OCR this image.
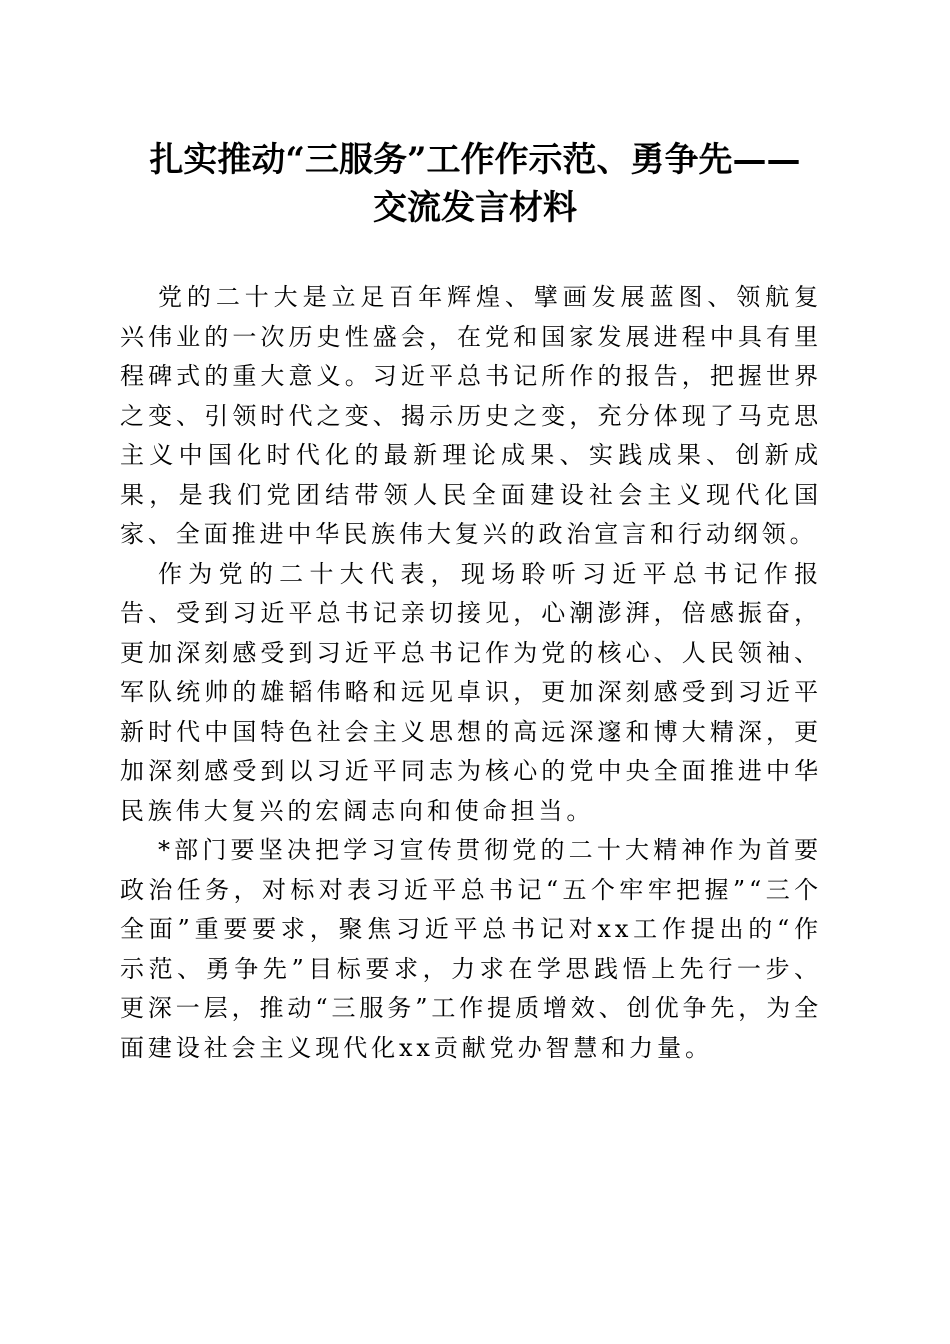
扎实推动“三服务”工作作示范、勇争先——
交流发言材料

党的二十大是立足百年辉煌、擘画发展蓝图、领航复兴伟业的一次历史性盛会，在党和国家发展进程中具有里程碑式的重大意义。习近平总书记所作的报告，把握世界之变、引领时代之变、揭示历史之变，充分体现了马克思主义中国化时代化的最新理论成果、实践成果、创新成果，是我们党团结带领人民全面建设社会主义现代化国家、全面推进中华民族伟大复兴的政治宣言和行动纲领。

作为党的二十大代表，现场聆听习近平总书记作报告、受到习近平总书记亲切接见，心潮澎湃，倍感振奋，更加深刻感受到习近平总书记作为党的核心、人民领袖、军队统帅的雄韬伟略和远见卓识，更加深刻感受到习近平新时代中国特色社会主义思想的高远深邃和博大精深，更加深刻感受到以习近平同志为核心的党中央全面推进中华民族伟大复兴的宏阔志向和使命担当。

*部门要坚决把学习宣传贯彻党的二十大精神作为首要政治任务，对标对表习近平总书记“五个牢牢把握”“三个全面”重要要求，聚焦习近平总书记对xx工作提出的“作示范、勇争先”目标要求，力求在学思践悟上先行一步、更深一层，推动“三服务”工作提质增效、创优争先，为全面建设社会主义现代化xx贡献党办智慧和力量。
